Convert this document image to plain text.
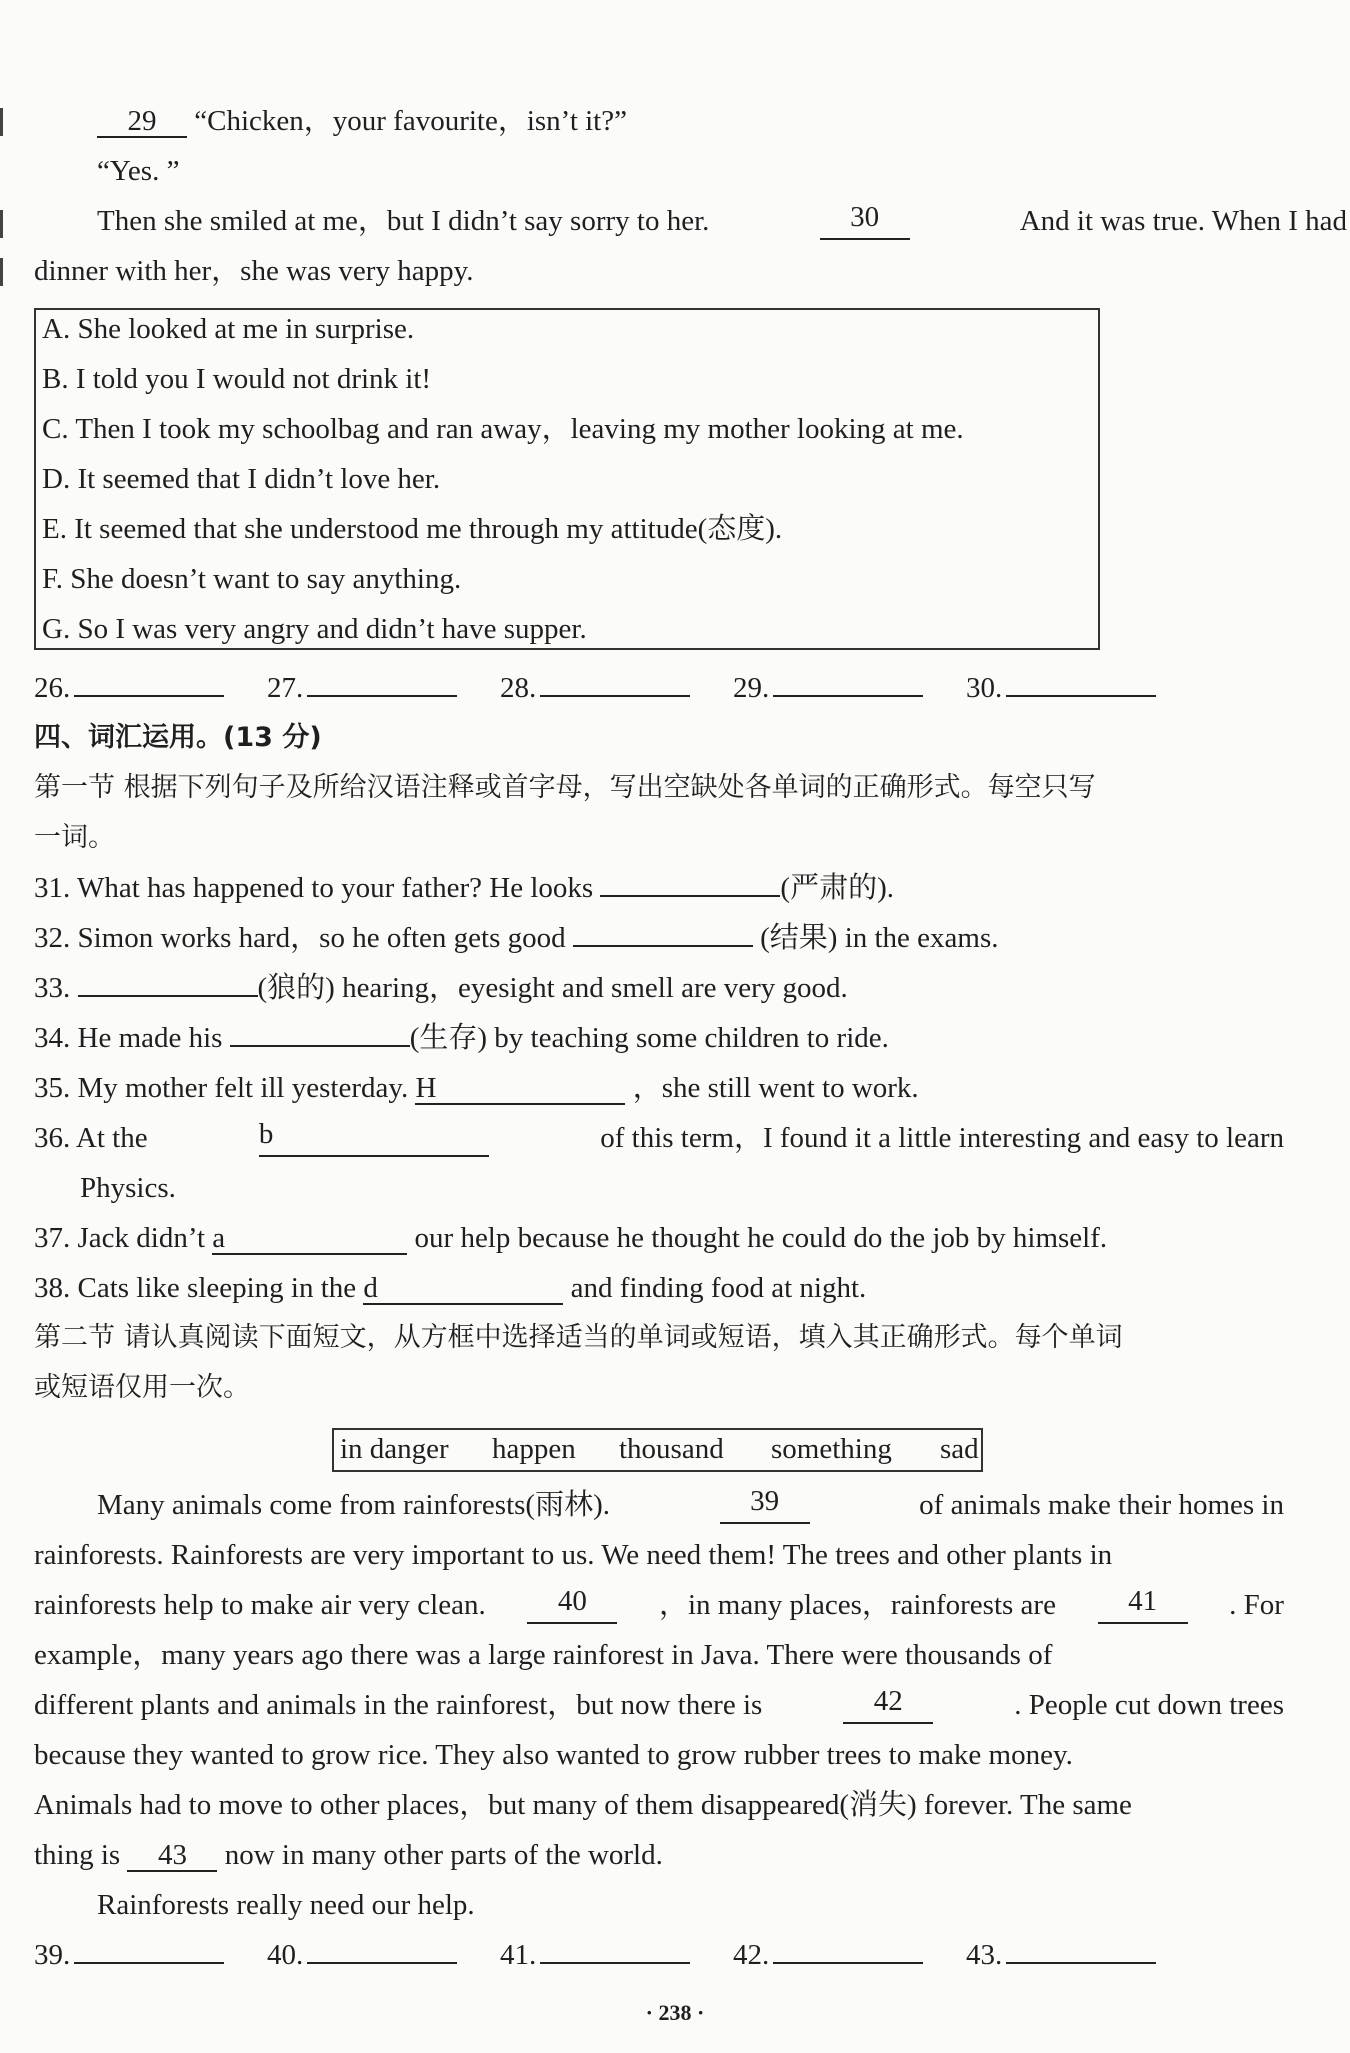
29 “Chicken，your favourite，isn’t it?”
“Yes. ”
Then she smiled at me，but I didn’t say sorry to her.	30	And it was true. When I had
dinner with her，she was very happy.
A. She looked at me in surprise.
B. I told you I would not drink it!
C. Then I took my schoolbag and ran away，leaving my mother looking at me.
D. It seemed that I didn’t love her.
E. It seemed that she understood me through my attitude(态度).
F. She doesn’t want to say anything.
G. So I was very angry and didn’t have supper.
26.	27.	28.	29.	30.
四、词汇运用。(13 分)
第一节 根据下列句子及所给汉语注释或首字母，写出空缺处各单词的正确形式。每空只写
一词。
31. What has happened to your father? He looks	(严肃的).
32. Simon works hard，so he often gets good	(结果) in the exams.
33.	(狼的) hearing，eyesight and smell are very good.
34. He made his	(生存) by teaching some children to ride.
35. My mother felt ill yesterday. H	，she still went to work.
36. At the	b	of this term，I found it a little interesting and easy to learn
Physics.
37. Jack didn’t a	our help because he thought he could do the job by himself.
38. Cats like sleeping in the d	and finding food at night.
第二节 请认真阅读下面短文，从方框中选择适当的单词或短语，填入其正确形式。每个单词
或短语仅用一次。
in danger happen thousand something sad
Many animals come from rainforests(雨林).	39	of animals make their homes in
rainforests. Rainforests are very important to us. We need them! The trees and other plants in
rainforests help to make air very clean.	40	，in many places，rainforests are	41	. For
example，many years ago there was a large rainforest in Java. There were thousands of
different plants and animals in the rainforest，but now there is	42	. People cut down trees
because they wanted to grow rice. They also wanted to grow rubber trees to make money.
Animals had to move to other places，but many of them disappeared(消失) forever. The same
thing is 43 now in many other parts of the world.
Rainforests really need our help.
39.	40.	41.	42.	43.
· 238 ·
